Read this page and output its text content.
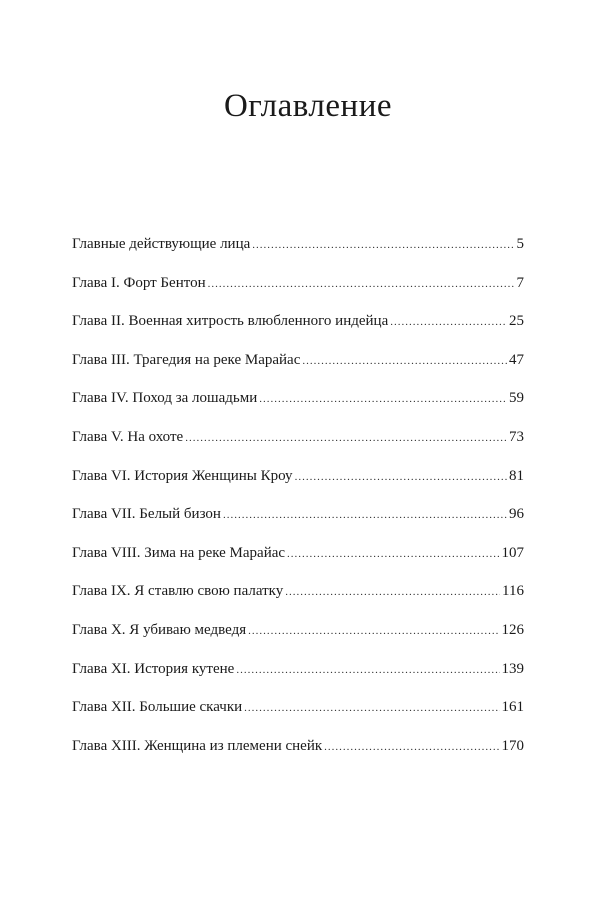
Оглавление
Главные действующие лица .....	5
Глава I. Форт Бентон .....	7
Глава II. Военная хитрость влюбленного индейца .....	25
Глава III. Трагедия на реке Марайас .....	47
Глава IV. Поход за лошадьми .....	59
Глава V. На охоте .....	73
Глава VI. История Женщины Кроу .....	81
Глава VII. Белый бизон .....	96
Глава VIII. Зима на реке Марайас .....	107
Глава IX. Я ставлю свою палатку .....	116
Глава X. Я убиваю медведя .....	126
Глава XI. История кутене .....	139
Глава XII. Большие скачки .....	161
Глава XIII. Женщина из племени снейк .....	170
